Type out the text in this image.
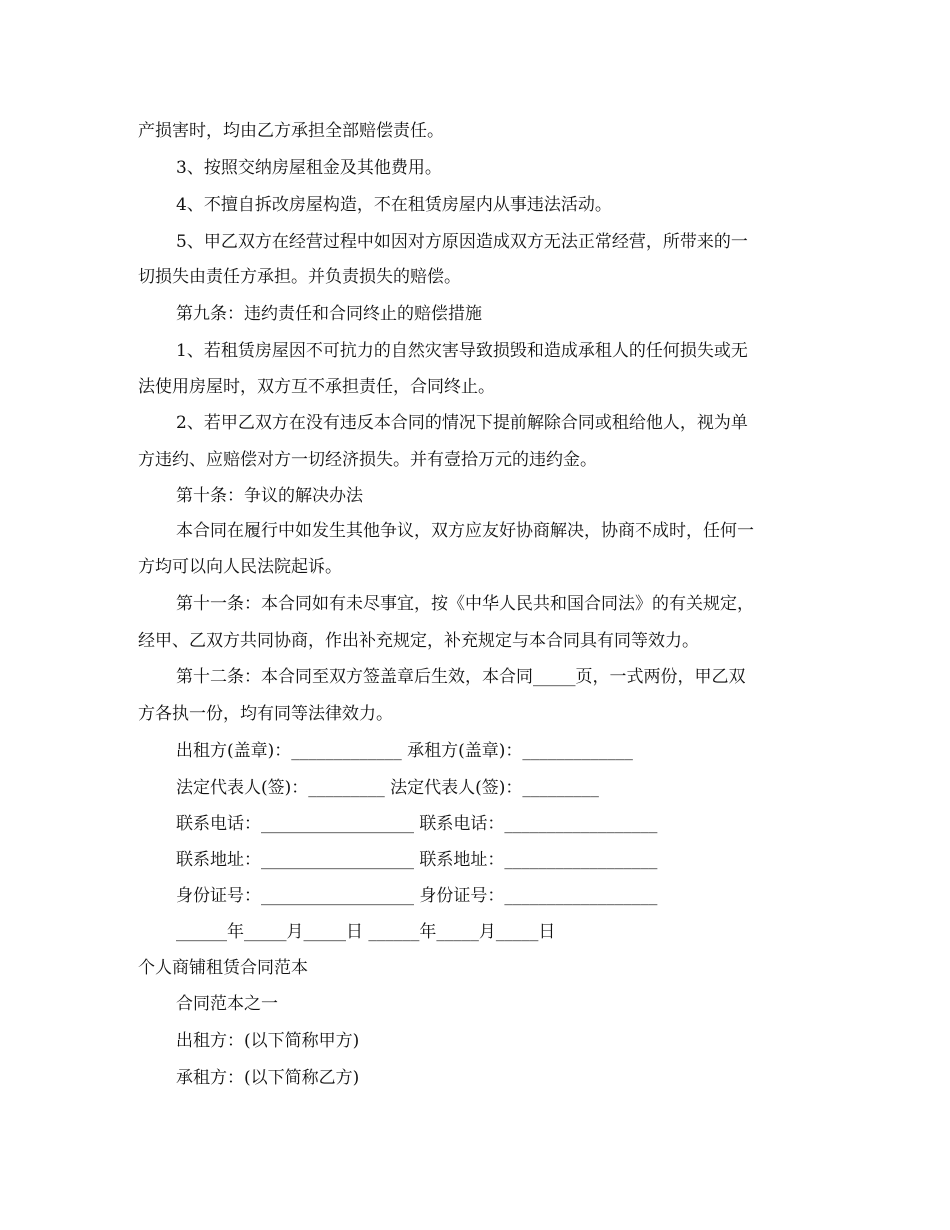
产损害时，均由乙方承担全部赔偿责任。
3、按照交纳房屋租金及其他费用。
4、不擅自拆改房屋构造，不在租赁房屋内从事违法活动。
5、甲乙双方在经营过程中如因对方原因造成双方无法正常经营，所带来的一
切损失由责任方承担。并负责损失的赔偿。
第九条：违约责任和合同终止的赔偿措施
1、若租赁房屋因不可抗力的自然灾害导致损毁和造成承租人的任何损失或无
法使用房屋时，双方互不承担责任，合同终止。
2、若甲乙双方在没有违反本合同的情况下提前解除合同或租给他人，视为单
方违约、应赔偿对方一切经济损失。并有壹拾万元的违约金。
第十条：争议的解决办法
本合同在履行中如发生其他争议，双方应友好协商解决，协商不成时，任何一
方均可以向人民法院起诉。
第十一条：本合同如有未尽事宜，按《中华人民共和国合同法》的有关规定，
经甲、乙双方共同协商，作出补充规定，补充规定与本合同具有同等效力。
第十二条：本合同至双方签盖章后生效，本合同_____页，一式两份，甲乙双
方各执一份，均有同等法律效力。
出租方(盖章)：_____________ 承租方(盖章)：_____________
法定代表人(签)：_________ 法定代表人(签)：_________
联系电话：__________________ 联系电话：__________________
联系地址：__________________ 联系地址：__________________
身份证号：__________________ 身份证号：__________________
______年_____月_____日 ______年_____月_____日
个人商铺租赁合同范本
合同范本之一
出租方：(以下简称甲方)
承租方：(以下简称乙方)
